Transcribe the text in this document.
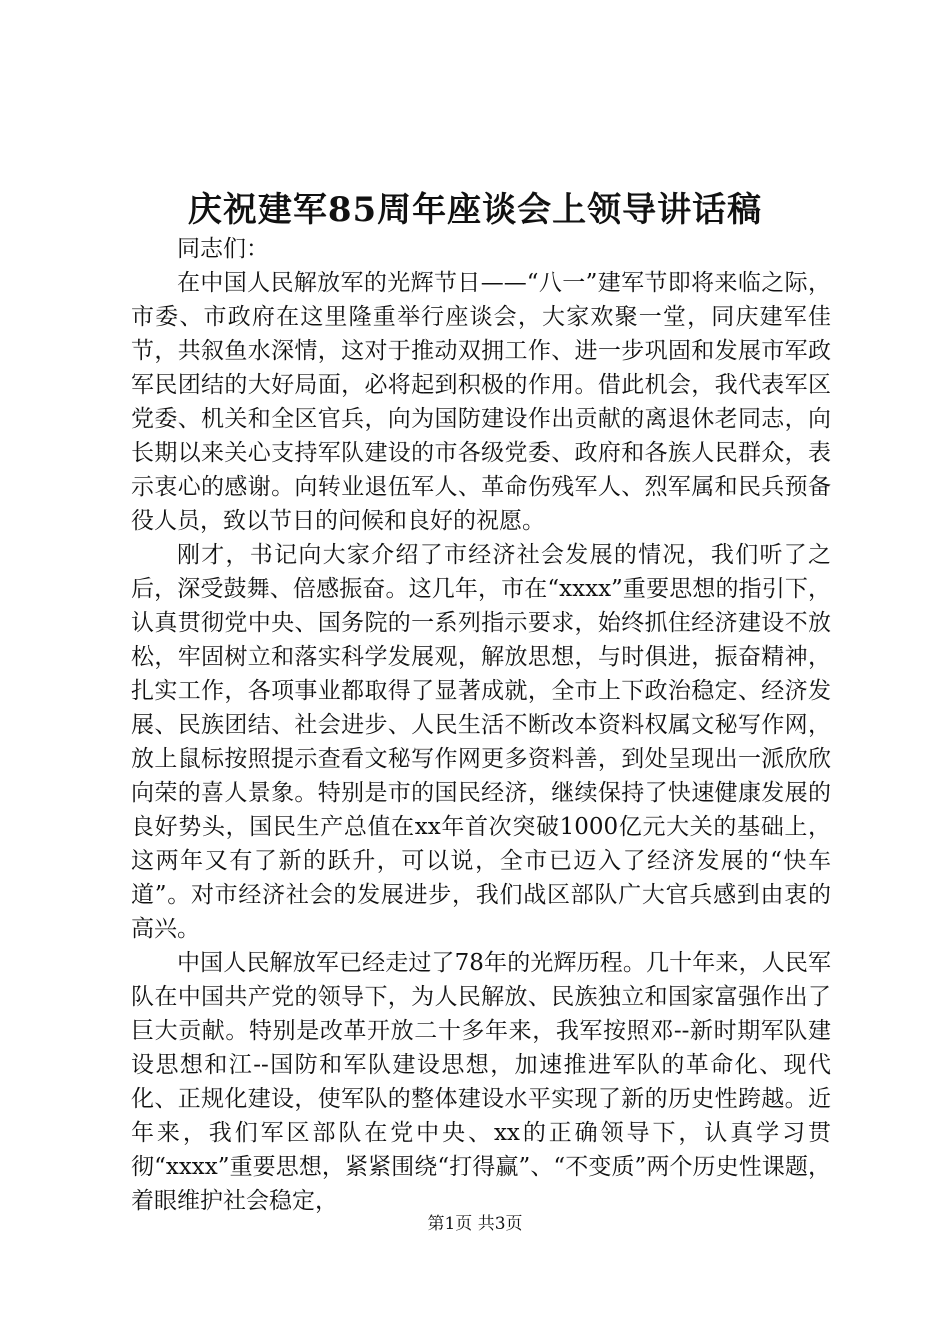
庆祝建军85周年座谈会上领导讲话稿

同志们：

在中国人民解放军的光辉节日——“八一”建军节即将来临之际，市委、市政府在这里隆重举行座谈会，大家欢聚一堂，同庆建军佳节，共叙鱼水深情，这对于推动双拥工作、进一步巩固和发展市军政军民团结的大好局面，必将起到积极的作用。借此机会，我代表军区党委、机关和全区官兵，向为国防建设作出贡献的离退休老同志，向长期以来关心支持军队建设的市各级党委、政府和各族人民群众，表示衷心的感谢。向转业退伍军人、革命伤残军人、烈军属和民兵预备役人员，致以节日的问候和良好的祝愿。

刚才，书记向大家介绍了市经济社会发展的情况，我们听了之后，深受鼓舞、倍感振奋。这几年，市在“xxxx”重要思想的指引下，认真贯彻党中央、国务院的一系列指示要求，始终抓住经济建设不放松，牢固树立和落实科学发展观，解放思想，与时俱进，振奋精神，扎实工作，各项事业都取得了显著成就，全市上下政治稳定、经济发展、民族团结、社会进步、人民生活不断改本资料权属文秘写作网，放上鼠标按照提示查看文秘写作网更多资料善，到处呈现出一派欣欣向荣的喜人景象。特别是市的国民经济，继续保持了快速健康发展的良好势头，国民生产总值在xx年首次突破1000亿元大关的基础上，这两年又有了新的跃升，可以说，全市已迈入了经济发展的“快车道”。对市经济社会的发展进步，我们战区部队广大官兵感到由衷的高兴。

中国人民解放军已经走过了78年的光辉历程。几十年来，人民军队在中国共产党的领导下，为人民解放、民族独立和国家富强作出了巨大贡献。特别是改革开放二十多年来，我军按照邓--新时期军队建设思想和江--国防和军队建设思想，加速推进军队的革命化、现代化、正规化建设，使军队的整体建设水平实现了新的历史性跨越。近年来，我们军区部队在党中央、xx的正确领导下，认真学习贯彻“xxxx”重要思想，紧紧围绕“打得赢”、“不变质”两个历史性课题，着眼维护社会稳定，

第1页 共3页
